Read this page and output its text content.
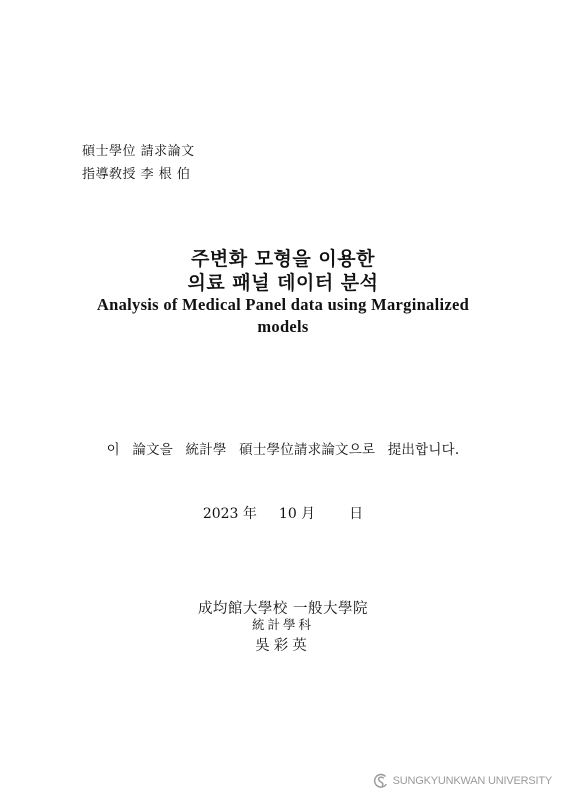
碩士學位 請求論文
指導敎授 李 根 伯
주변화 모형을 이용한
의료 패널 데이터 분석
Analysis of Medical Panel data using Marginalized
models
이 論文을 統計學 碩士學位請求論文으로 提出합니다.
2023 年 10 月 日
成均館大學校 一般大學院
統計學科
吳彩英
SUNGKYUNKWAN UNIVERSITY
